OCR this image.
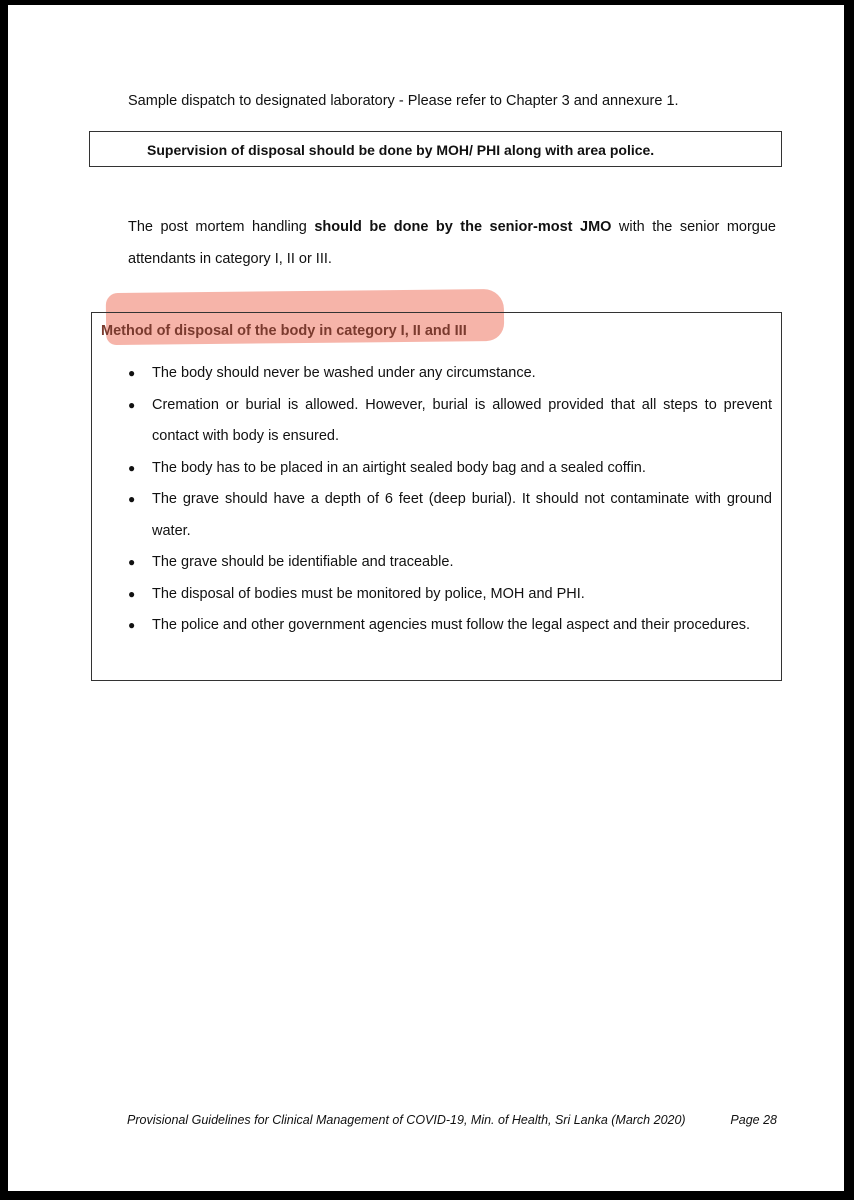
Sample dispatch to designated laboratory - Please refer to Chapter 3 and annexure 1.
Supervision of disposal should be done by MOH/ PHI along with area police.
The post mortem handling should be done by the senior-most JMO with the senior morgue attendants in category I, II or III.
Method of disposal of the body in category I, II and III
● The body should never be washed under any circumstance.
● Cremation or burial is allowed. However, burial is allowed provided that all steps to prevent contact with body is ensured.
● The body has to be placed in an airtight sealed body bag and a sealed coffin.
● The grave should have a depth of 6 feet (deep burial). It should not contaminate with ground water.
● The grave should be identifiable and traceable.
● The disposal of bodies must be monitored by police, MOH and PHI.
● The police and other government agencies must follow the legal aspect and their procedures.
Provisional Guidelines for Clinical Management of COVID-19, Min. of Health, Sri Lanka (March 2020)	Page 28
